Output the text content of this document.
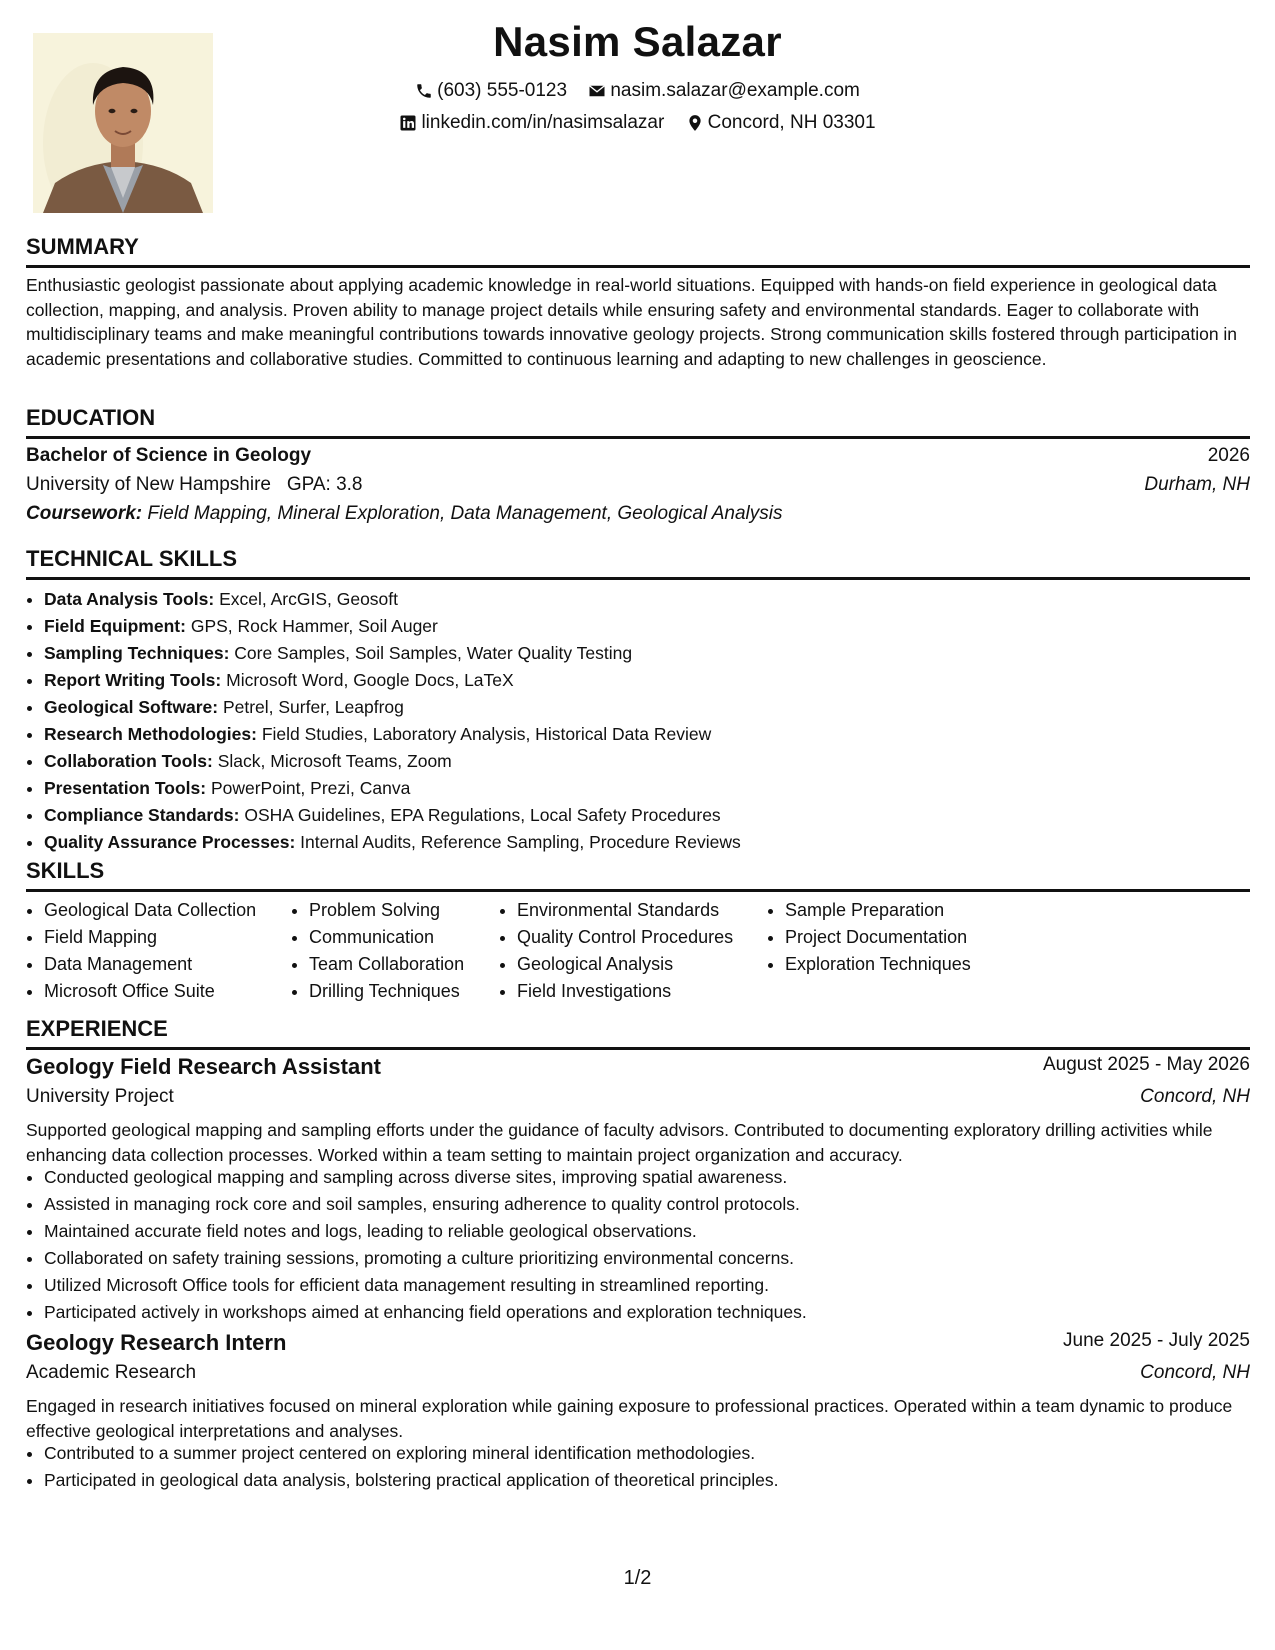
Nasim Salazar
(603) 555-0123
nasim.salazar@example.com
linkedin.com/in/nasimsalazar
Concord, NH 03301
SUMMARY
Enthusiastic geologist passionate about applying academic knowledge in real-world situations. Equipped with hands-on field experience in geological data collection, mapping, and analysis. Proven ability to manage project details while ensuring safety and environmental standards. Eager to collaborate with multidisciplinary teams and make meaningful contributions towards innovative geology projects. Strong communication skills fostered through participation in academic presentations and collaborative studies. Committed to continuous learning and adapting to new challenges in geoscience.
EDUCATION
Bachelor of Science in Geology	2026
University of New Hampshire GPA: 3.8	Durham, NH
Coursework: Field Mapping, Mineral Exploration, Data Management, Geological Analysis
TECHNICAL SKILLS
• Data Analysis Tools: Excel, ArcGIS, Geosoft
• Field Equipment: GPS, Rock Hammer, Soil Auger
• Sampling Techniques: Core Samples, Soil Samples, Water Quality Testing
• Report Writing Tools: Microsoft Word, Google Docs, LaTeX
• Geological Software: Petrel, Surfer, Leapfrog
• Research Methodologies: Field Studies, Laboratory Analysis, Historical Data Review
• Collaboration Tools: Slack, Microsoft Teams, Zoom
• Presentation Tools: PowerPoint, Prezi, Canva
• Compliance Standards: OSHA Guidelines, EPA Regulations, Local Safety Procedures
• Quality Assurance Processes: Internal Audits, Reference Sampling, Procedure Reviews
SKILLS
• Geological Data Collection
• Field Mapping
• Data Management
• Microsoft Office Suite
• Problem Solving
• Communication
• Team Collaboration
• Drilling Techniques
• Environmental Standards
• Quality Control Procedures
• Geological Analysis
• Field Investigations
• Sample Preparation
• Project Documentation
• Exploration Techniques
EXPERIENCE
Geology Field Research Assistant	August 2025 - May 2026
University Project	Concord, NH
Supported geological mapping and sampling efforts under the guidance of faculty advisors. Contributed to documenting exploratory drilling activities while enhancing data collection processes. Worked within a team setting to maintain project organization and accuracy.
• Conducted geological mapping and sampling across diverse sites, improving spatial awareness.
• Assisted in managing rock core and soil samples, ensuring adherence to quality control protocols.
• Maintained accurate field notes and logs, leading to reliable geological observations.
• Collaborated on safety training sessions, promoting a culture prioritizing environmental concerns.
• Utilized Microsoft Office tools for efficient data management resulting in streamlined reporting.
• Participated actively in workshops aimed at enhancing field operations and exploration techniques.
Geology Research Intern	June 2025 - July 2025
Academic Research	Concord, NH
Engaged in research initiatives focused on mineral exploration while gaining exposure to professional practices. Operated within a team dynamic to produce effective geological interpretations and analyses.
• Contributed to a summer project centered on exploring mineral identification methodologies.
• Participated in geological data analysis, bolstering practical application of theoretical principles.
1/2
